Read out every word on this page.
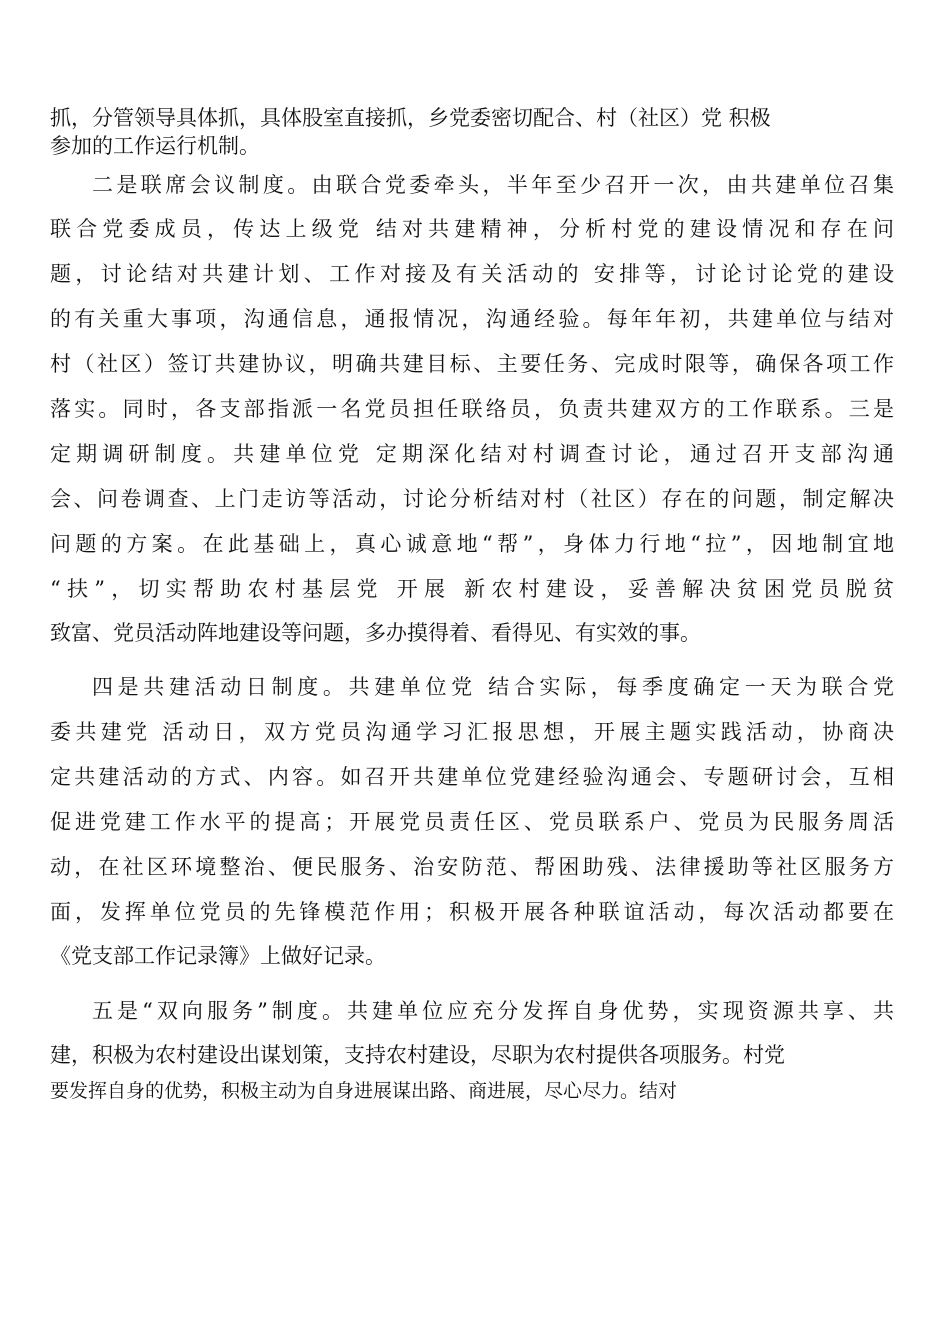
抓，分管领导具体抓，具体股室直接抓，乡党委密切配合、村（社区）党 积极
参加的工作运行机制。
二是联席会议制度。由联合党委牵头，半年至少召开一次，由共建单位召集
联合党委成员，传达上级党 结对共建精神，分析村党的建设情况和存在问
题，讨论结对共建计划、工作对接及有关活动的 安排等，讨论讨论党的建设
的有关重大事项，沟通信息，通报情况，沟通经验。每年年初，共建单位与结对
村（社区）签订共建协议，明确共建目标、主要任务、完成时限等，确保各项工作
落实。同时，各支部指派一名党员担任联络员，负责共建双方的工作联系。三是
定期调研制度。共建单位党 定期深化结对村调查讨论，通过召开支部沟通
会、问卷调查、上门走访等活动，讨论分析结对村（社区）存在的问题，制定解决
问题的方案。在此基础上，真心诚意地“帮”，身体力行地“拉”，因地制宜地
“扶”，切实帮助农村基层党 开展 新农村建设，妥善解决贫困党员脱贫
致富、党员活动阵地建设等问题，多办摸得着、看得见、有实效的事。
四是共建活动日制度。共建单位党 结合实际，每季度确定一天为联合党
委共建党 活动日，双方党员沟通学习汇报思想，开展主题实践活动，协商决
定共建活动的方式、内容。如召开共建单位党建经验沟通会、专题研讨会，互相
促进党建工作水平的提高；开展党员责任区、党员联系户、党员为民服务周活
动，在社区环境整治、便民服务、治安防范、帮困助残、法律援助等社区服务方
面，发挥单位党员的先锋模范作用；积极开展各种联谊活动，每次活动都要在
《党支部工作记录簿》上做好记录。
五是“双向服务”制度。共建单位应充分发挥自身优势，实现资源共享、共
建，积极为农村建设出谋划策，支持农村建设，尽职为农村提供各项服务。村党
要发挥自身的优势，积极主动为自身进展谋出路、商进展，尽心尽力。结对
